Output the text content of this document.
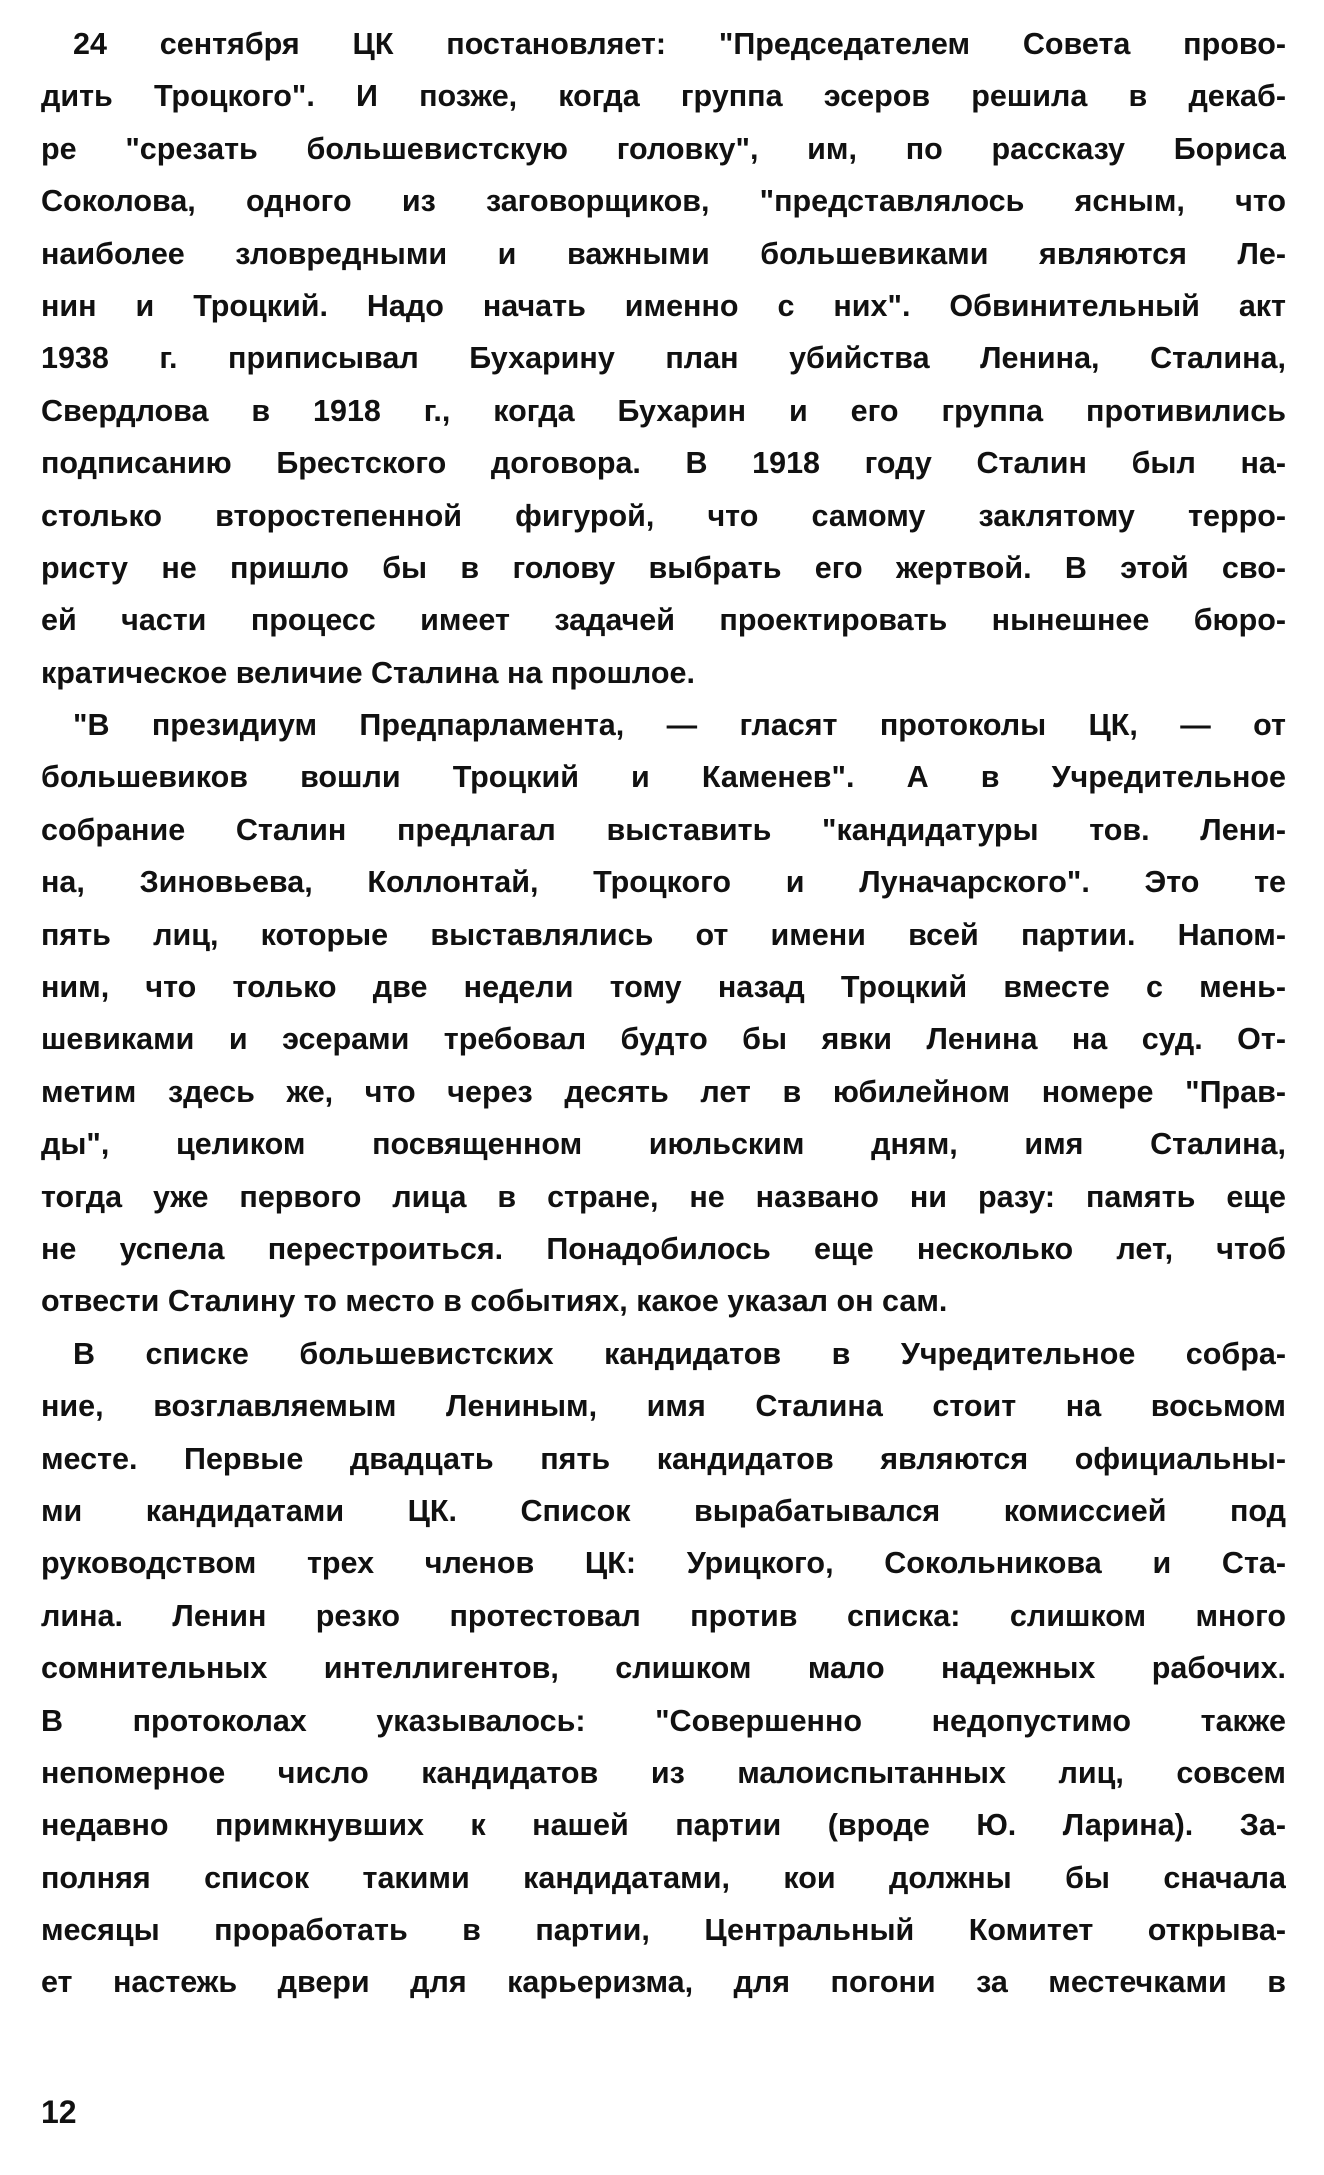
24 сентября ЦК постановляет: "Председателем Совета прово-
дить Троцкого". И позже, когда группа эсеров решила в декаб-
ре "срезать большевистскую головку", им, по рассказу Бориса
Соколова, одного из заговорщиков, "представлялось ясным, что
наиболее зловредными и важными большевиками являются Ле-
нин и Троцкий. Надо начать именно с них". Обвинительный акт
1938 г. приписывал Бухарину план убийства Ленина, Сталина,
Свердлова в 1918 г., когда Бухарин и его группа противились
подписанию Брестского договора. В 1918 году Сталин был на-
столько второстепенной фигурой, что самому заклятому терро-
ристу не пришло бы в голову выбрать его жертвой. В этой сво-
ей части процесс имеет задачей проектировать нынешнее бюро-
кратическое величие Сталина на прошлое.
"В президиум Предпарламента, — гласят протоколы ЦК, — от
большевиков вошли Троцкий и Каменев". А в Учредительное
собрание Сталин предлагал выставить "кандидатуры тов. Лени-
на, Зиновьева, Коллонтай, Троцкого и Луначарского". Это те
пять лиц, которые выставлялись от имени всей партии. Напом-
ним, что только две недели тому назад Троцкий вместе с мень-
шевиками и эсерами требовал будто бы явки Ленина на суд. От-
метим здесь же, что через десять лет в юбилейном номере "Прав-
ды", целиком посвященном июльским дням, имя Сталина,
тогда уже первого лица в стране, не названо ни разу: память еще
не успела перестроиться. Понадобилось еще несколько лет, чтоб
отвести Сталину то место в событиях, какое указал он сам.
В списке большевистских кандидатов в Учредительное собра-
ние, возглавляемым Лениным, имя Сталина стоит на восьмом
месте. Первые двадцать пять кандидатов являются официальны-
ми кандидатами ЦК. Список вырабатывался комиссией под
руководством трех членов ЦК: Урицкого, Сокольникова и Ста-
лина. Ленин резко протестовал против списка: слишком много
сомнительных интеллигентов, слишком мало надежных рабочих.
В протоколах указывалось: "Совершенно недопустимо также
непомерное число кандидатов из малоиспытанных лиц, совсем
недавно примкнувших к нашей партии (вроде Ю. Ларина). За-
полняя список такими кандидатами, кои должны бы сначала
месяцы проработать в партии, Центральный Комитет открыва-
ет настежь двери для карьеризма, для погони за местечками в
12
